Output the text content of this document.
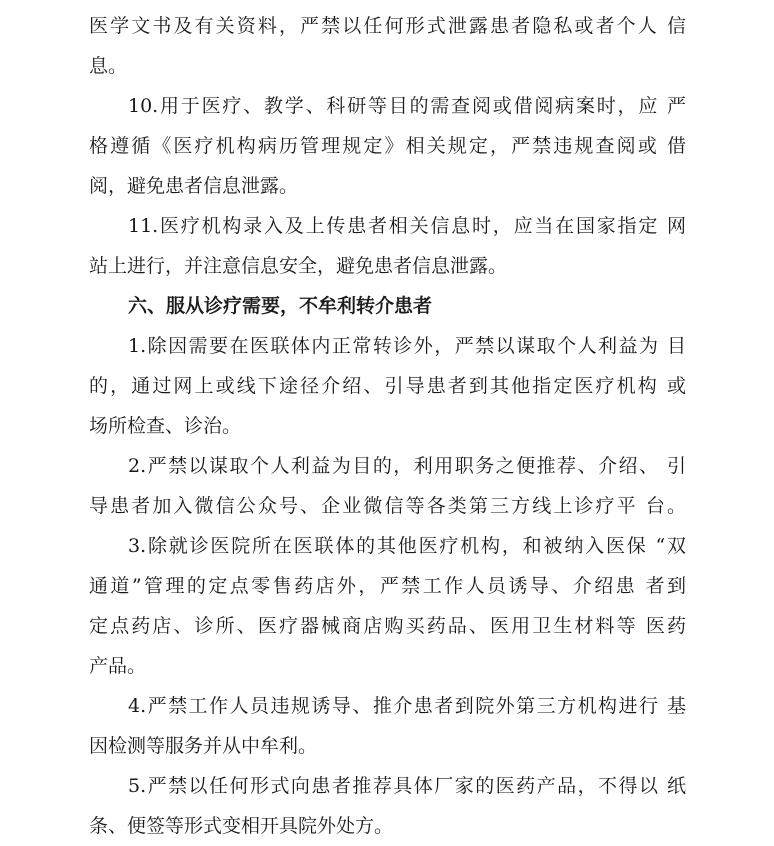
医学文书及有关资料，严禁以任何形式泄露患者隐私或者个人 信
息。
10.用于医疗、教学、科研等目的需查阅或借阅病案时，应 严
格遵循《医疗机构病历管理规定》相关规定，严禁违规查阅或 借
阅，避免患者信息泄露。
11.医疗机构录入及上传患者相关信息时，应当在国家指定 网
站上进行，并注意信息安全，避免患者信息泄露。
六、服从诊疗需要，不牟利转介患者
1.除因需要在医联体内正常转诊外，严禁以谋取个人利益为 目
的，通过网上或线下途径介绍、引导患者到其他指定医疗机构 或
场所检查、诊治。
2.严禁以谋取个人利益为目的，利用职务之便推荐、介绍、 引
导患者加入微信公众号、企业微信等各类第三方线上诊疗平 台。
3.除就诊医院所在医联体的其他医疗机构，和被纳入医保 “双
通道”管理的定点零售药店外，严禁工作人员诱导、介绍患 者到
定点药店、诊所、医疗器械商店购买药品、医用卫生材料等 医药
产品。
4.严禁工作人员违规诱导、推介患者到院外第三方机构进行 基
因检测等服务并从中牟利。
5.严禁以任何形式向患者推荐具体厂家的医药产品，不得以 纸
条、便签等形式变相开具院外处方。
